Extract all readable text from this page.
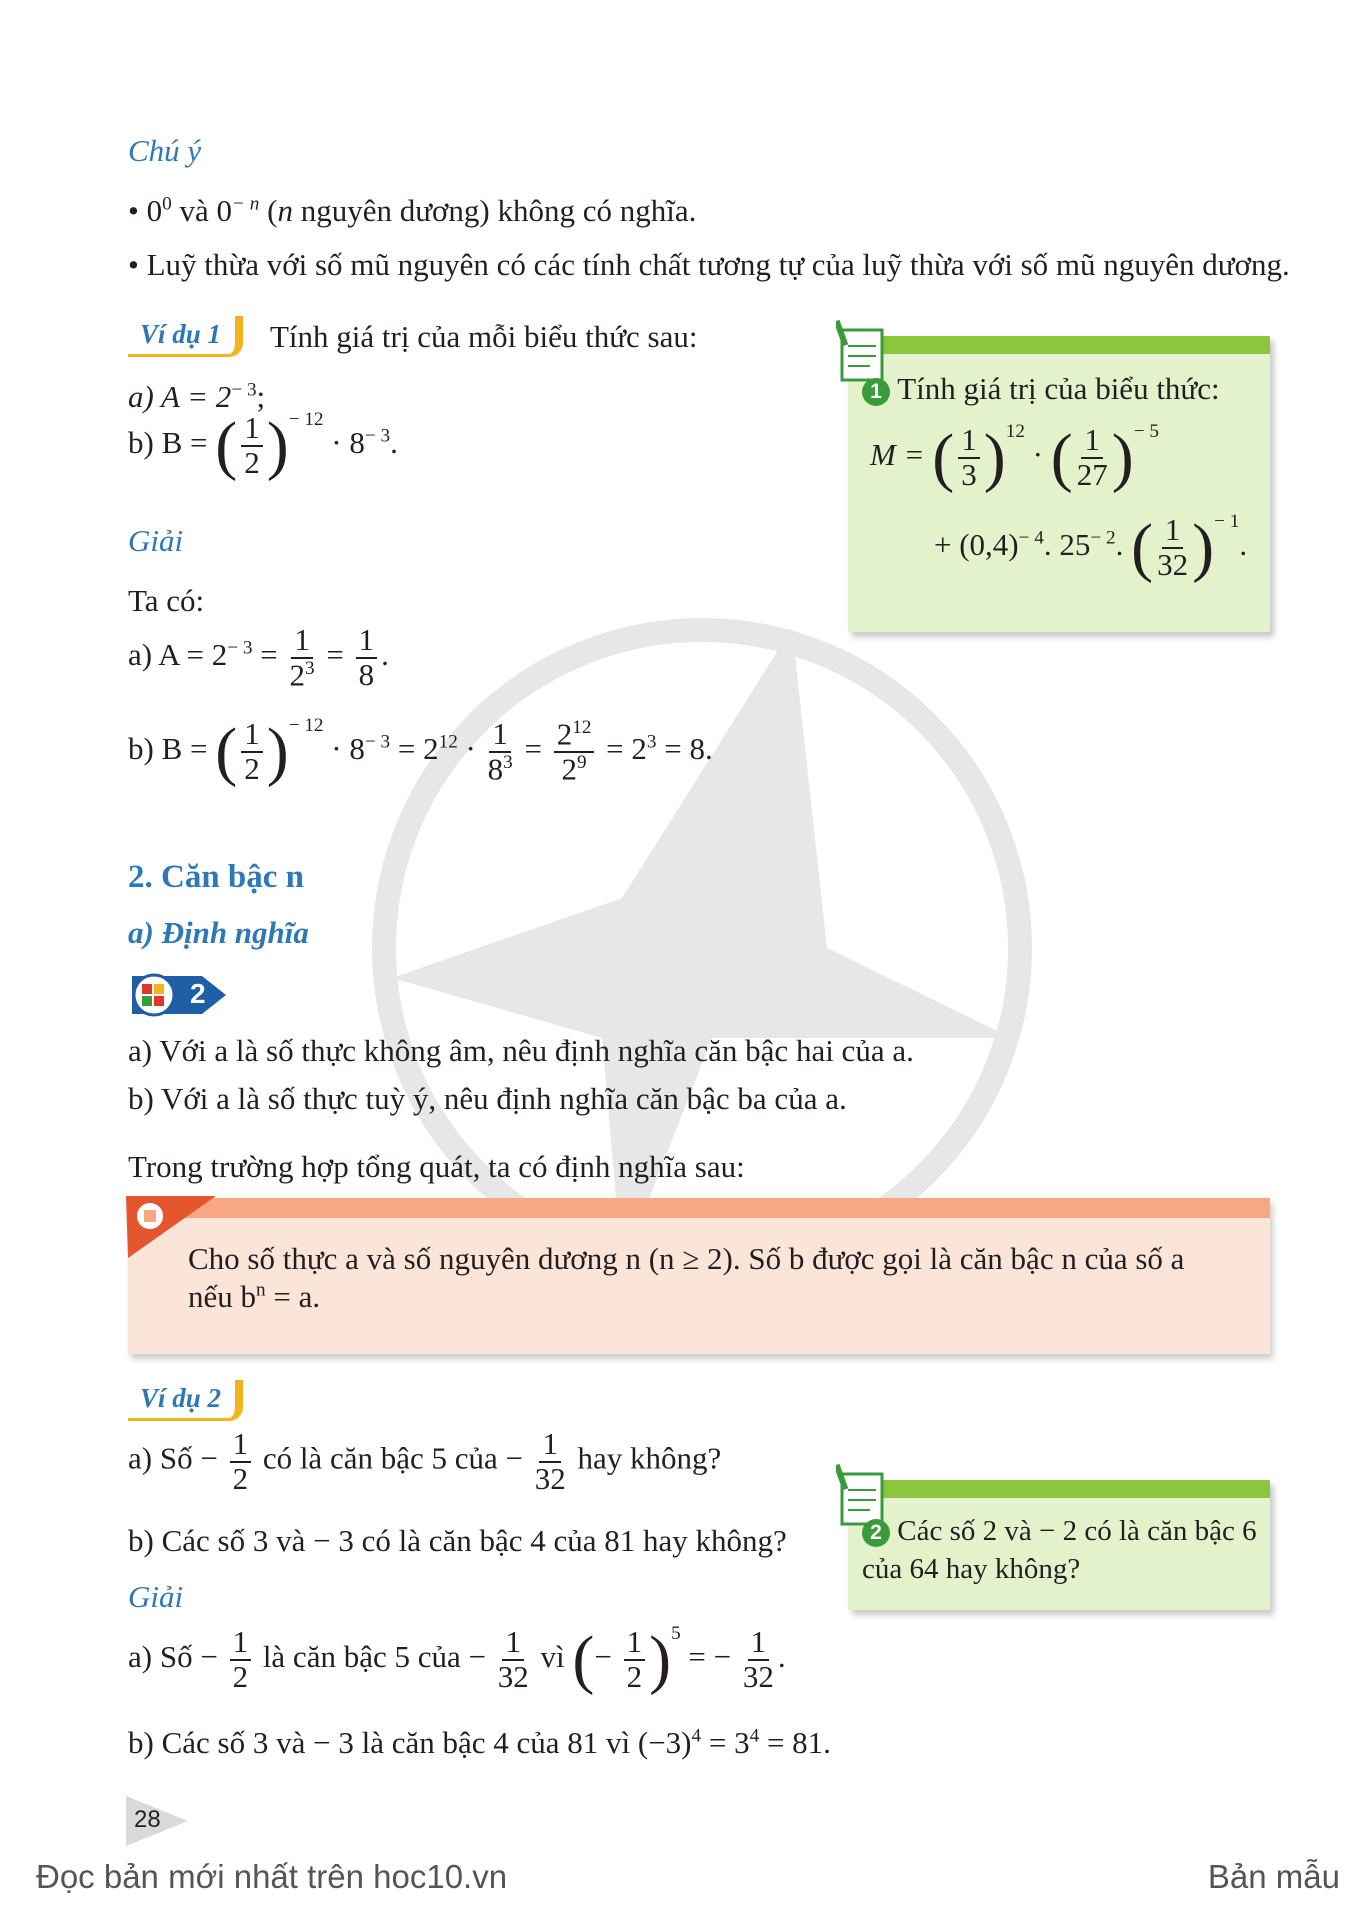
Chú ý
• $0^0$ và $0^{- n}$ (n nguyên dương) không có nghĩa.
• Luỹ thừa với số mũ nguyên có các tính chất tương tự của luỹ thừa với số mũ nguyên dương.
Ví dụ 1	Tính giá trị của mỗi biểu thức sau:
a) $A = 2^{- 3}$;
b) B = ( $\frac{1}{2} )^{- 12} \cdot 8^{- 3}$.
Giải
Ta có:
a) $A = 2^{- 3} = \frac{1}{2^3} = \frac{1}{8}$ .
b) B = ( $\frac{1}{2} )^{- 12} \cdot 8^{- 3} = 2^{12} \cdot \frac{1}{8^3} = \frac{2^{12}}{2^9} = 2^3 = 8$.
1 Tính giá trị của biểu thức:
M = ( $\frac{1}{3} )^{12}$ · ( $\frac{1}{27} )^{- 5}$
+ $(0,4)^{- 4}$. $25^{- 2}$. ( $\frac{1}{32} )^{- 1}$.
2. Căn bậc n
a) Định nghĩa
2
a) Với a là số thực không âm, nêu định nghĩa căn bậc hai của a.
b) Với a là số thực tuỳ ý, nêu định nghĩa căn bậc ba của a.
Trong trường hợp tổng quát, ta có định nghĩa sau:
Cho số thực a và số nguyên dương n (n ≥ 2). Số b được gọi là căn bậc n của số a
nếu $b^n = a$.
Ví dụ 2
a) Số − $\frac{1}{2}$ có là căn bậc 5 của − $\frac{1}{32}$ hay không?
b) Các số 3 và − 3 có là căn bậc 4 của 81 hay không?
Giải
a) Số − $\frac{1}{2}$ là căn bậc 5 của − $\frac{1}{32}$ vì (− $\frac{1}{2} )^5$ = − $\frac{1}{32}$ .
b) Các số 3 và − 3 là căn bậc 4 của 81 vì $(-3)^4 = 3^4 = 81$.
2 Các số 2 và − 2 có là căn bậc 6
của 64 hay không?
28
Đọc bản mới nhất trên hoc10.vn	Bản mẫu
